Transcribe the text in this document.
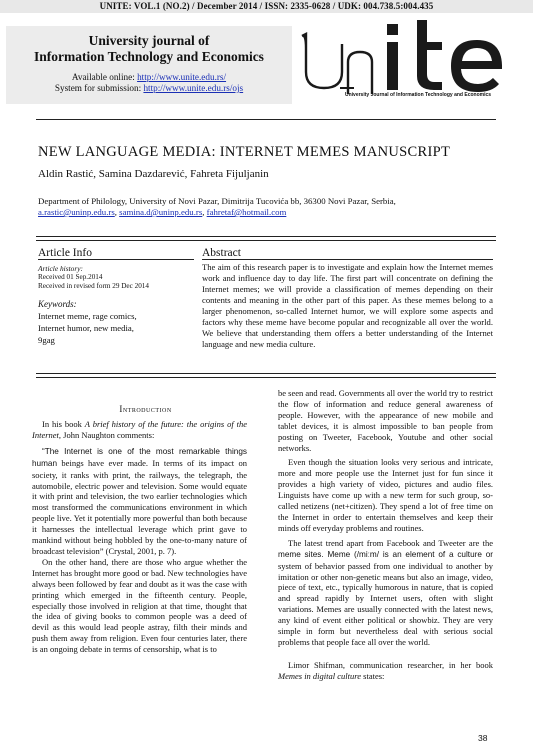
UNITE: VOL.1 (NO.2) / December 2014 / ISSN: 2335-0628 / UDK: 004.738.5:004.435
University journal of
Information Technology and Economics
Available online: http://www.unite.edu.rs/
System for submission: http://www.unite.edu.rs/ojs
University Journal of Information Technology and Economics
NEW LANGUAGE MEDIA: INTERNET MEMES MANUSCRIPT
Aldin Rastić, Samina Dazdarević, Fahreta Fijuljanin
Department of Philology, University of Novi Pazar, Dimitrija Tucovića bb, 36300 Novi Pazar, Serbia,
a.rastic@uninp.edu.rs, samina.d@uninp.edu.rs, fahretaf@hotmail.com
Article Info
Article history:
Received 01 Sep.2014
Received in revised form 29 Dec 2014
Keywords:
Internet meme, rage comics,
Internet humor, new media,
9gag
Abstract
The aim of this research paper is to investigate and explain how the Internet memes work and influence day to day life. The first part will concentrate on defining the Internet memes; we will provide a classification of memes depending on their contents and meaning in the other part of this paper. As these memes belong to a larger phenomenon, so-called Internet humor, we will explore some aspects and factors why these meme have become popular and recognizable all over the world. We believe that understanding them offers a better understanding of the Internet language and new media culture.
Introduction

In his book A brief history of the future: the origins of the Internet, John Naughton comments:

“The Internet is one of the most remarkable things human beings have ever made. In terms of its impact on society, it ranks with print, the railways, the telegraph, the automobile, electric power and television. Some would equate it with print and television, the two earlier technologies which most transformed the communications environment in which people live. Yet it potentially more powerful than both because it harnesses the intellectual leverage which print gave to mankind without being hobbled by the one-to-many nature of broadcast television” (Crystal, 2001, p. 7).

On the other hand, there are those who argue whether the Internet has brought more good or bad. New technologies have always been followed by fear and doubt as it was the case with printing which emerged in the fifteenth century. People, especially those involved in religion at that time, thought that the idea of giving books to common people was a deed of devil as this would lead people astray, filth their minds and push them away from religion. Even four centuries later, there is an ongoing debate in terms of censorship, what is to

be seen and read. Governments all over the world try to restrict the flow of information and reduce general awareness of people. However, with the appearance of new mobile and tablet devices, it is almost impossible to ban people from posting on Tweeter, Facebook, Youtube and other social networks.

Even though the situation looks very serious and intricate, more and more people use the Internet just for fun since it provides a high variety of video, pictures and audio files. Linguists have come up with a new term for such group, so-called netizens (net+citizen). They spend a lot of free time on the Internet in order to entertain themselves and keep their minds off everyday problems and routines.

The latest trend apart from Facebook and Tweeter are the meme sites. Meme (/miːm/ is an element of a culture or system of behavior passed from one individual to another by imitation or other non-genetic means but also an image, video, piece of text, etc., typically humorous in nature, that is copied and spread rapidly by Internet users, often with slight variations. Memes are usually connected with the latest news, any kind of event either political or showbiz. They are very simple in form but nevertheless deal with serious social problems that people face all over the world.

Limor Shifman, communication researcher, in her book Memes in digital culture states:

38
